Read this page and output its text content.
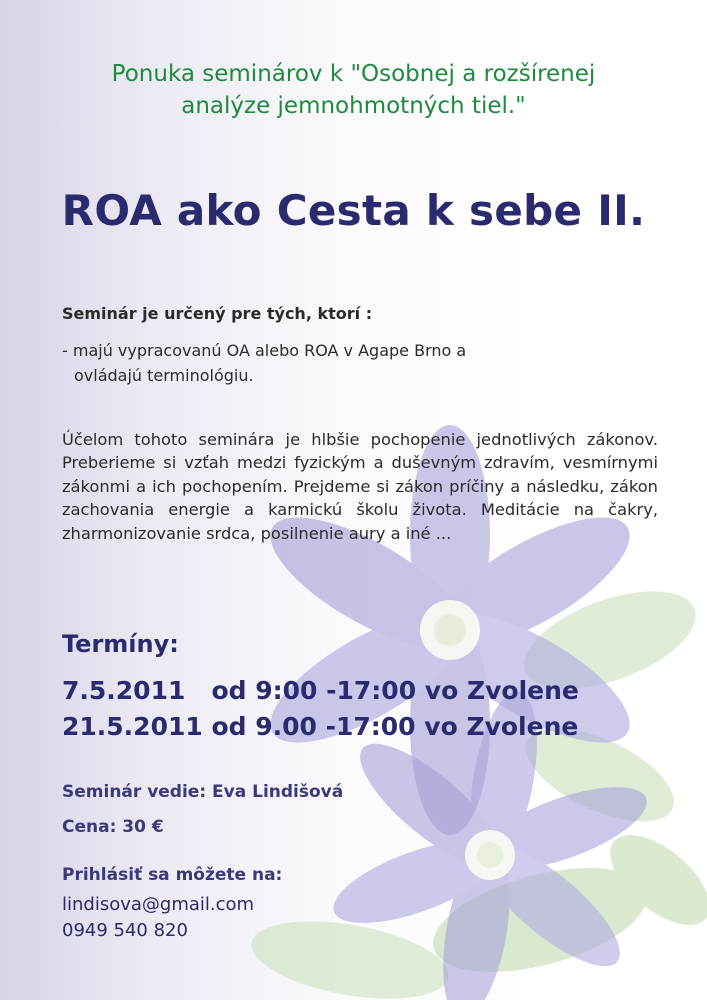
Ponuka seminárov k "Osobnej a rozšírenej
analýze jemnohmotných tiel."
ROA ako Cesta k sebe II.
Seminár je určený pre tých, ktorí :
- majú vypracovanú OA alebo ROA v Agape Brno a
ovládajú terminológiu.

Účelom tohoto seminára je hlbšie pochopenie jednotlivých zákonov. Preberieme si vzťah medzi fyzickým a duševným zdravím, vesmírnymi zákonmi a ich pochopením. Prejdeme si zákon príčiny a následku, zákon zachovania energie a karmickú školu života. Meditácie na čakry, zharmonizovanie srdca, posilnenie aury a iné ...

Termíny:
7.5.2011   od 9:00 -17:00 vo Zvolene
21.5.2011 od 9.00 -17:00 vo Zvolene
Seminár vedie: Eva Lindišová
Cena: 30 €
Prihlásiť sa môžete na:
lindisova@gmail.com
0949 540 820
